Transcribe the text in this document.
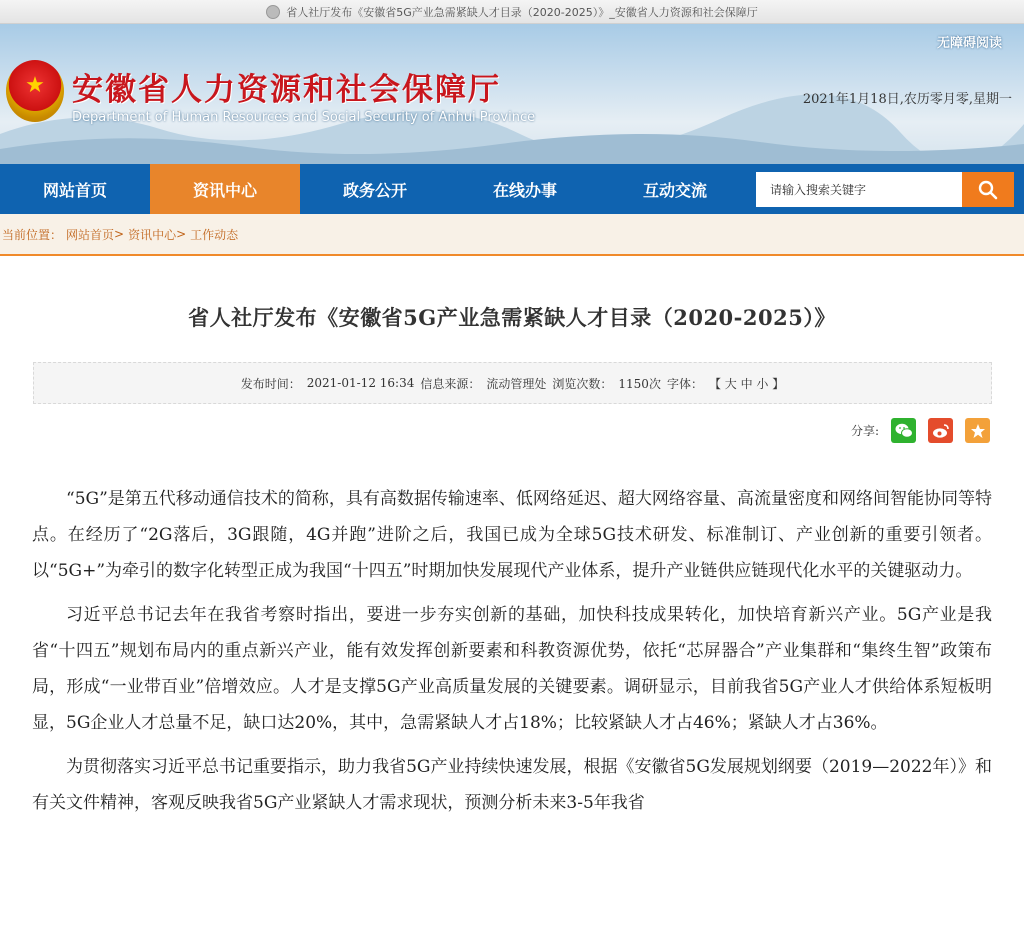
省人社厅发布《安徽省5G产业急需紧缺人才目录（2020-2025）》_安徽省人力资源和社会保障厅
★ 安徽省人力资源和社会保障厅
Department of Human Resources and Social Security of Anhui Province
无障碍阅读
2021年1月18日,农历零月零,星期一
网站首页	资讯中心	政务公开	在线办事	互动交流
请输入搜索关键字
当前位置： 网站首页 > 资讯中心 > 工作动态
省人社厅发布《安徽省5G产业急需紧缺人才目录（2020-2025）》
发布时间： 2021-01-12 16:34 信息来源： 流动管理处 浏览次数： 1150次 字体： 【 大 中 小 】
分享:

“5G”是第五代移动通信技术的简称，具有高数据传输速率、低网络延迟、超大网络容量、高流量密度和网络间智能协同等特点。在经历了“2G落后，3G跟随，4G并跑”进阶之后，我国已成为全球5G技术研发、标准制订、产业创新的重要引领者。以“5G+”为牵引的数字化转型正成为我国“十四五”时期加快发展现代产业体系，提升产业链供应链现代化水平的关键驱动力。

习近平总书记去年在我省考察时指出，要进一步夯实创新的基础，加快科技成果转化，加快培育新兴产业。5G产业是我省“十四五”规划布局内的重点新兴产业，能有效发挥创新要素和科教资源优势，依托“芯屏器合”产业集群和“集终生智”政策布局，形成“一业带百业”倍增效应。人才是支撑5G产业高质量发展的关键要素。调研显示，目前我省5G产业人才供给体系短板明显，5G企业人才总量不足，缺口达20%，其中，急需紧缺人才占18%；比较紧缺人才占46%；紧缺人才占36%。

为贯彻落实习近平总书记重要指示，助力我省5G产业持续快速发展，根据《安徽省5G发展规划纲要（2019—2022年）》和有关文件精神，客观反映我省5G产业紧缺人才需求现状，预测分析未来3-5年我省
